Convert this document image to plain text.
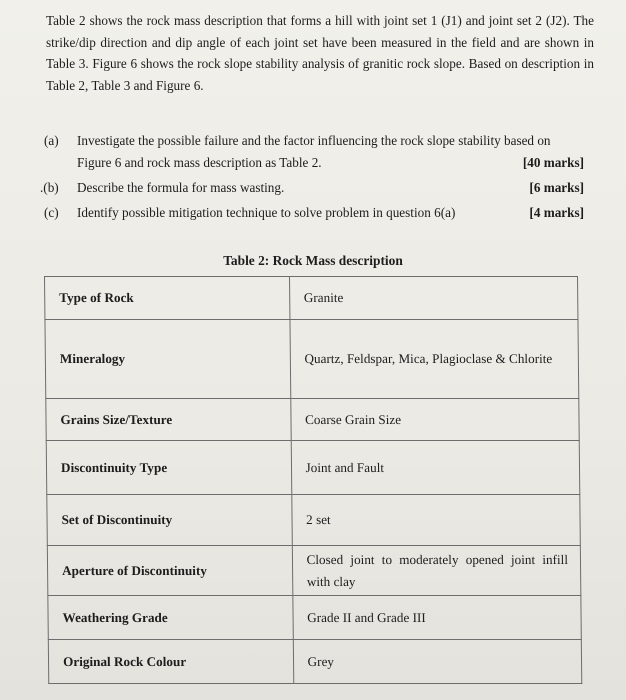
Table 2 shows the rock mass description that forms a hill with joint set 1 (J1) and joint set 2 (J2). The strike/dip direction and dip angle of each joint set have been measured in the field and are shown in Table 3. Figure 6 shows the rock slope stability analysis of granitic rock slope. Based on description in Table 2, Table 3 and Figure 6.

(a)	Investigate the possible failure and the factor influencing the rock slope stability based on Figure 6 and rock mass description as Table 2.	[40 marks]
.(b)	Describe the formula for mass wasting.	[6 marks]
(c)	Identify possible mitigation technique to solve problem in question 6(a)	[4 marks]
Table 2: Rock Mass description
Type of Rock	Granite
Mineralogy	Quartz, Feldspar, Mica, Plagioclase & Chlorite
Grains Size/Texture	Coarse Grain Size
Discontinuity Type	Joint and Fault
Set of Discontinuity	2 set
Aperture of Discontinuity	Closed joint to moderately opened joint infill with clay
Weathering Grade	Grade II and Grade III
Original Rock Colour	Grey
